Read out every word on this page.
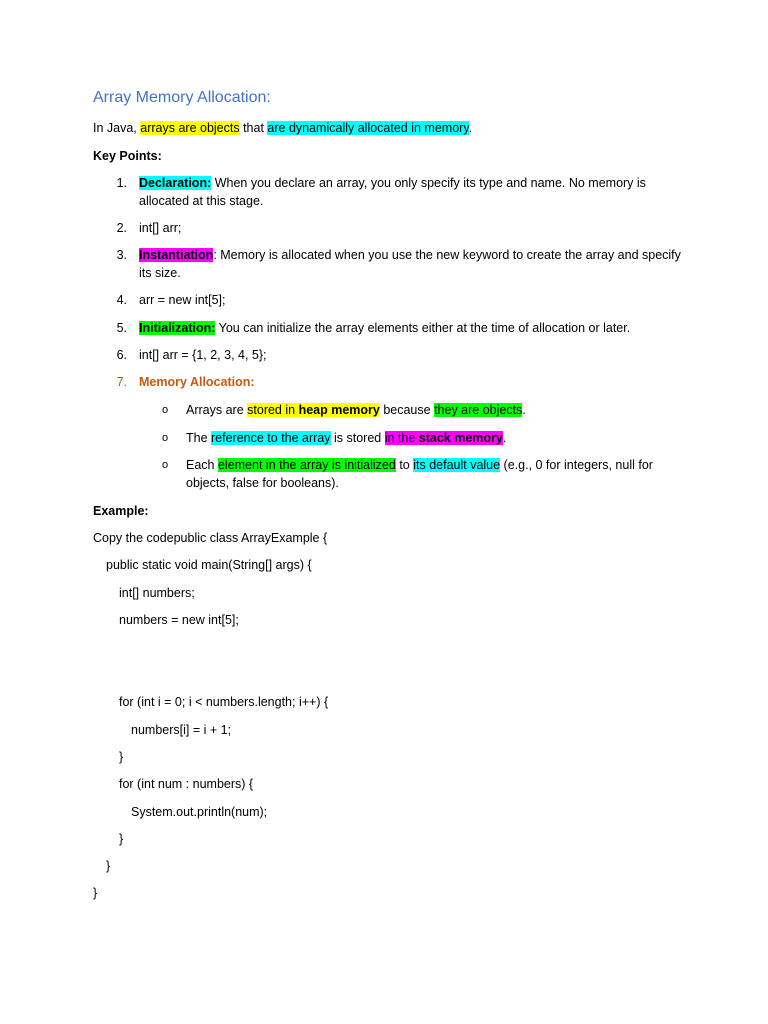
Array Memory Allocation:
In Java, arrays are objects that are dynamically allocated in memory.
Key Points:
1. Declaration: When you declare an array, you only specify its type and name. No memory is allocated at this stage.
2. int[] arr;
3. Instantiation: Memory is allocated when you use the new keyword to create the array and specify its size.
4. arr = new int[5];
5. Initialization: You can initialize the array elements either at the time of allocation or later.
6. int[] arr = {1, 2, 3, 4, 5};
7. Memory Allocation:
o Arrays are stored in heap memory because they are objects.
o The reference to the array is stored in the stack memory.
o Each element in the array is initialized to its default value (e.g., 0 for integers, null for objects, false for booleans).
Example:
Copy the codepublic class ArrayExample {
public static void main(String[] args) {
int[] numbers;
numbers = new int[5];
for (int i = 0; i < numbers.length; i++) {
numbers[i] = i + 1;
}
for (int num : numbers) {
System.out.println(num);
}
}
}
